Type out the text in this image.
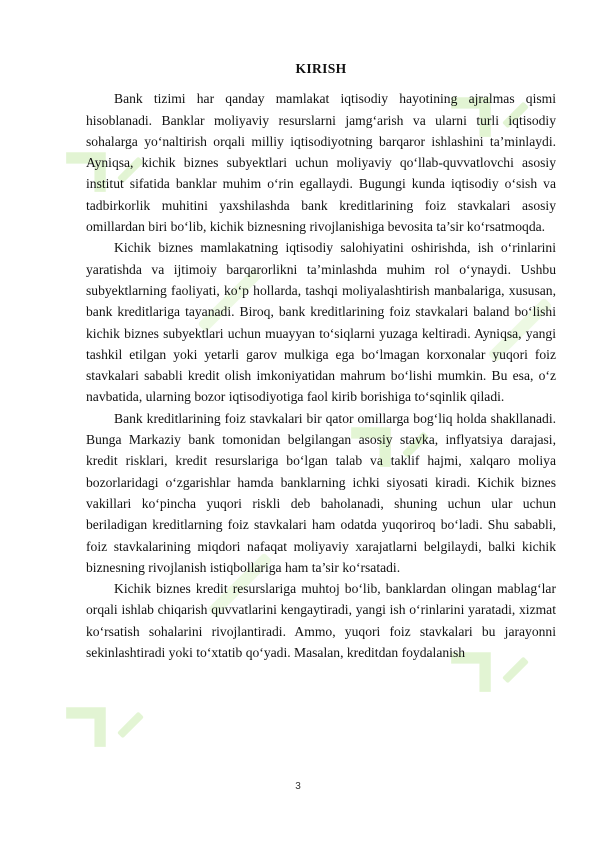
KIRISH

Bank tizimi har qanday mamlakat iqtisodiy hayotining ajralmas qismi hisoblanadi. Banklar moliyaviy resurslarni jamg‘arish va ularni turli iqtisodiy sohalarga yo‘naltirish orqali milliy iqtisodiyotning barqaror ishlashini ta’minlaydi. Ayniqsa, kichik biznes subyektlari uchun moliyaviy qo‘llab-quvvatlovchi asosiy institut sifatida banklar muhim o‘rin egallaydi. Bugungi kunda iqtisodiy o‘sish va tadbirkorlik muhitini yaxshilashda bank kreditlarining foiz stavkalari asosiy omillardan biri bo‘lib, kichik biznesning rivojlanishiga bevosita ta’sir ko‘rsatmoqda.

Kichik biznes mamlakatning iqtisodiy salohiyatini oshirishda, ish o‘rinlarini yaratishda va ijtimoiy barqarorlikni ta’minlashda muhim rol o‘ynaydi. Ushbu subyektlarning faoliyati, ko‘p hollarda, tashqi moliyalashtirish manbalariga, xususan, bank kreditlariga tayanadi. Biroq, bank kreditlarining foiz stavkalari baland bo‘lishi kichik biznes subyektlari uchun muayyan to‘siqlarni yuzaga keltiradi. Ayniqsa, yangi tashkil etilgan yoki yetarli garov mulkiga ega bo‘lmagan korxonalar yuqori foiz stavkalari sababli kredit olish imkoniyatidan mahrum bo‘lishi mumkin. Bu esa, o‘z navbatida, ularning bozor iqtisodiyotiga faol kirib borishiga to‘sqinlik qiladi.

Bank kreditlarining foiz stavkalari bir qator omillarga bog‘liq holda shakllanadi. Bunga Markaziy bank tomonidan belgilangan asosiy stavka, inflyatsiya darajasi, kredit risklari, kredit resurslariga bo‘lgan talab va taklif hajmi, xalqaro moliya bozorlaridagi o‘zgarishlar hamda banklarning ichki siyosati kiradi. Kichik biznes vakillari ko‘pincha yuqori riskli deb baholanadi, shuning uchun ular uchun beriladigan kreditlarning foiz stavkalari ham odatda yuqoriroq bo‘ladi. Shu sababli, foiz stavkalarining miqdori nafaqat moliyaviy xarajatlarni belgilaydi, balki kichik biznesning rivojlanish istiqbollariga ham ta’sir ko‘rsatadi.

Kichik biznes kredit resurslariga muhtoj bo‘lib, banklardan olingan mablag‘lar orqali ishlab chiqarish quvvatlarini kengaytiradi, yangi ish o‘rinlarini yaratadi, xizmat ko‘rsatish sohalarini rivojlantiradi. Ammo, yuqori foiz stavkalari bu jarayonni sekinlashtiradi yoki to‘xtatib qo‘yadi. Masalan, kreditdan foydalanish

3
